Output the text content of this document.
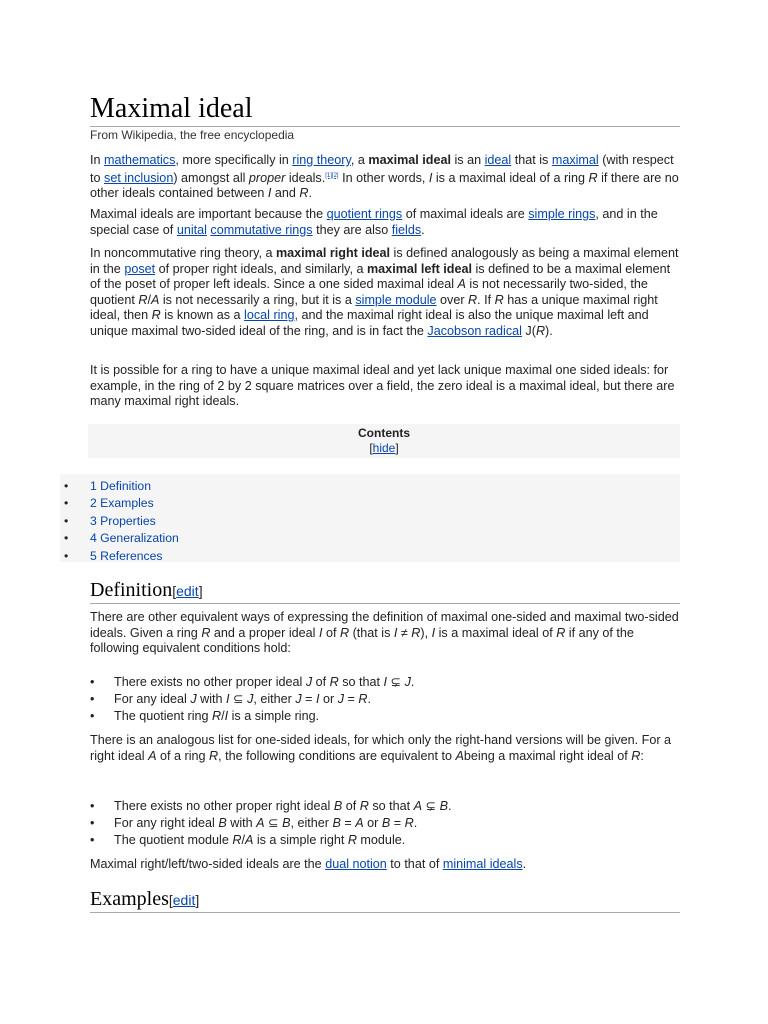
Maximal ideal
From Wikipedia, the free encyclopedia

In mathematics, more specifically in ring theory, a maximal ideal is an ideal that is maximal (with respect to set inclusion) amongst all proper ideals.[1][2] In other words, I is a maximal ideal of a ring R if there are no other ideals contained between I and R.

Maximal ideals are important because the quotient rings of maximal ideals are simple rings, and in the special case of unital commutative rings they are also fields.

In noncommutative ring theory, a maximal right ideal is defined analogously as being a maximal element in the poset of proper right ideals, and similarly, a maximal left ideal is defined to be a maximal element of the poset of proper left ideals. Since a one sided maximal ideal A is not necessarily two-sided, the quotient R/A is not necessarily a ring, but it is a simple module over R. If R has a unique maximal right ideal, then R is known as a local ring, and the maximal right ideal is also the unique maximal left and unique maximal two-sided ideal of the ring, and is in fact the Jacobson radical J(R).

It is possible for a ring to have a unique maximal ideal and yet lack unique maximal one sided ideals: for example, in the ring of 2 by 2 square matrices over a field, the zero ideal is a maximal ideal, but there are many maximal right ideals.

Contents
[hide]
• 1 Definition
• 2 Examples
• 3 Properties
• 4 Generalization
• 5 References
Definition[edit]

There are other equivalent ways of expressing the definition of maximal one-sided and maximal two-sided ideals. Given a ring R and a proper ideal I of R (that is I ≠ R), I is a maximal ideal of R if any of the following equivalent conditions hold:

• There exists no other proper ideal J of R so that I ⊊ J.
• For any ideal J with I ⊆ J, either J = I or J = R.
• The quotient ring R/I is a simple ring.

There is an analogous list for one-sided ideals, for which only the right-hand versions will be given. For a right ideal A of a ring R, the following conditions are equivalent to Abeing a maximal right ideal of R:

• There exists no other proper right ideal B of R so that A ⊊ B.
• For any right ideal B with A ⊆ B, either B = A or B = R.
• The quotient module R/A is a simple right R module.

Maximal right/left/two-sided ideals are the dual notion to that of minimal ideals.

Examples[edit]
